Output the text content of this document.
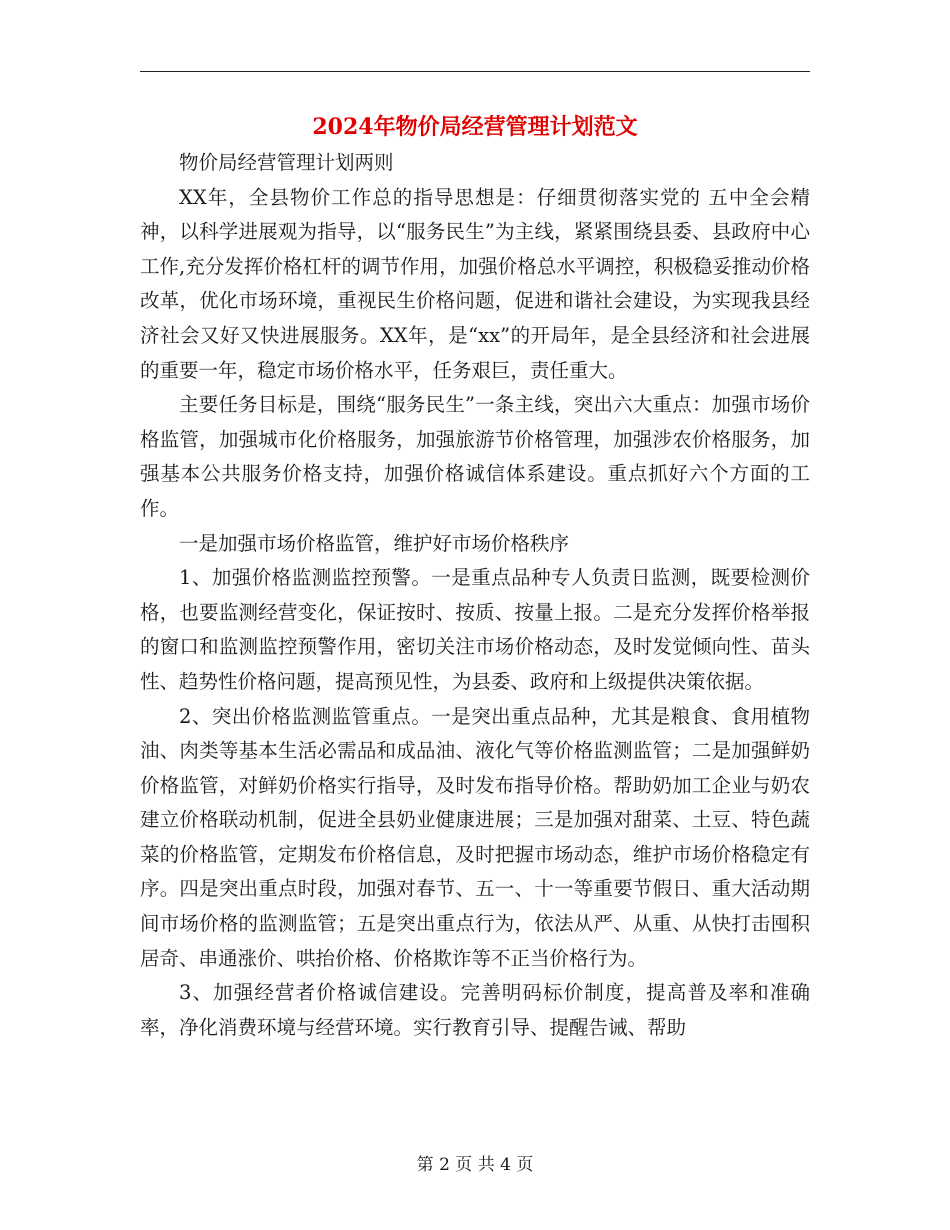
2024年物价局经营管理计划范文

物价局经营管理计划两则

XX年，全县物价工作总的指导思想是：仔细贯彻落实党的 五中全会精神，以科学进展观为指导，以“服务民生”为主线，紧紧围绕县委、县政府中心工作,充分发挥价格杠杆的调节作用，加强价格总水平调控，积极稳妥推动价格改革，优化市场环境，重视民生价格问题，促进和谐社会建设，为实现我县经济社会又好又快进展服务。XX年，是“xx”的开局年，是全县经济和社会进展的重要一年，稳定市场价格水平，任务艰巨，责任重大。

主要任务目标是，围绕“服务民生”一条主线，突出六大重点：加强市场价格监管，加强城市化价格服务，加强旅游节价格管理，加强涉农价格服务，加强基本公共服务价格支持，加强价格诚信体系建设。重点抓好六个方面的工作。

一是加强市场价格监管，维护好市场价格秩序

1、加强价格监测监控预警。一是重点品种专人负责日监测，既要检测价格，也要监测经营变化，保证按时、按质、按量上报。二是充分发挥价格举报的窗口和监测监控预警作用，密切关注市场价格动态，及时发觉倾向性、苗头性、趋势性价格问题，提高预见性，为县委、政府和上级提供决策依据。

2、突出价格监测监管重点。一是突出重点品种，尤其是粮食、食用植物油、肉类等基本生活必需品和成品油、液化气等价格监测监管；二是加强鲜奶价格监管，对鲜奶价格实行指导，及时发布指导价格。帮助奶加工企业与奶农建立价格联动机制，促进全县奶业健康进展；三是加强对甜菜、土豆、特色蔬菜的价格监管，定期发布价格信息，及时把握市场动态，维护市场价格稳定有序。四是突出重点时段，加强对春节、五一、十一等重要节假日、重大活动期间市场价格的监测监管；五是突出重点行为，依法从严、从重、从快打击囤积居奇、串通涨价、哄抬价格、价格欺诈等不正当价格行为。

3、加强经营者价格诚信建设。完善明码标价制度，提高普及率和准确率，净化消费环境与经营环境。实行教育引导、提醒告诫、帮助

第 2 页 共 4 页
